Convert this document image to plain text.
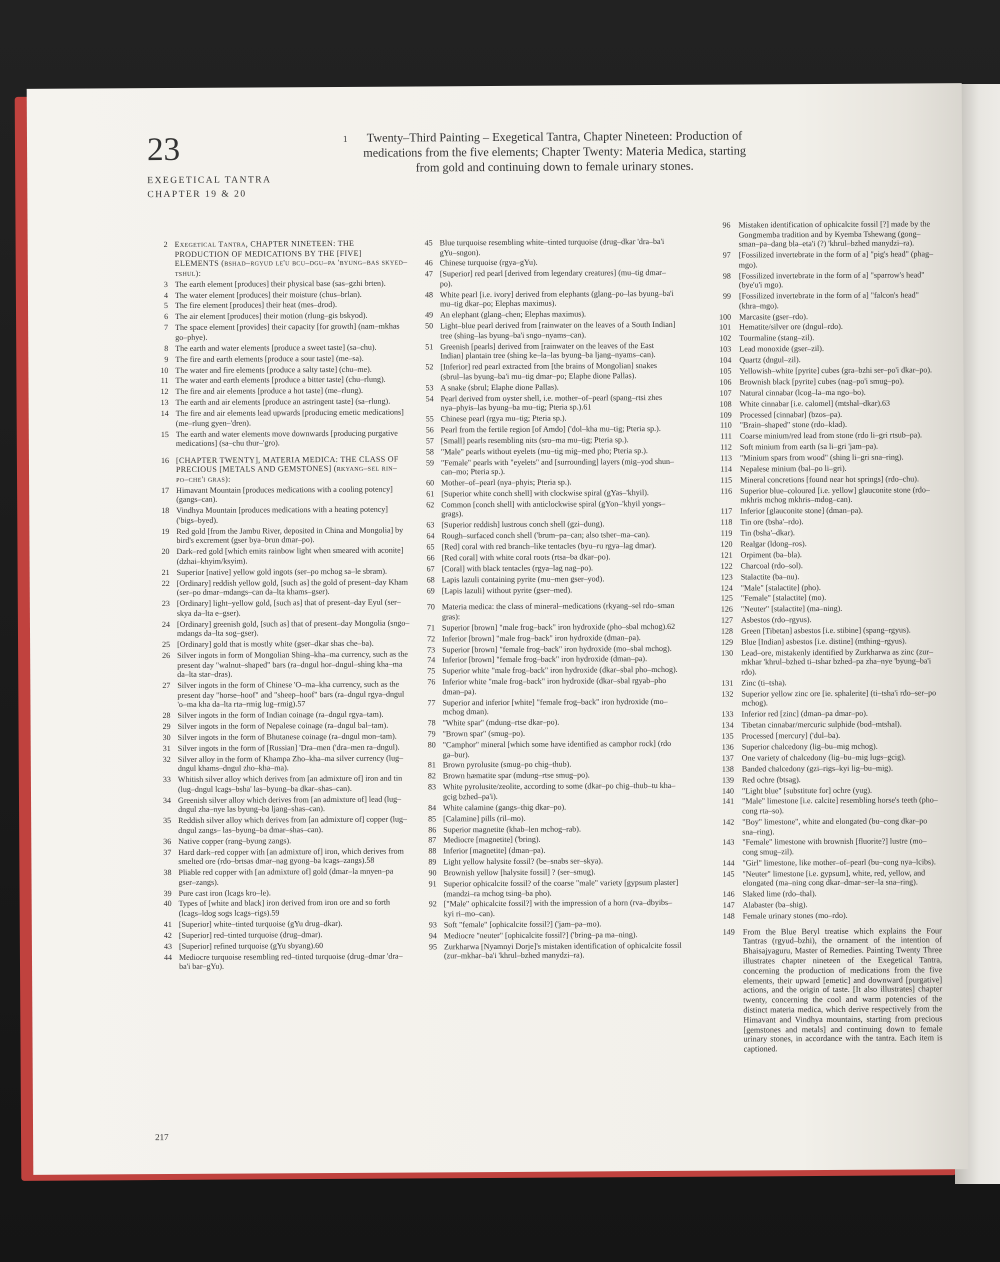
23
EXEGETICAL TANTRA
CHAPTER 19 & 20
1 Twenty–Third Painting – Exegetical Tantra, Chapter Nineteen: Production of medications from the five elements; Chapter Twenty: Materia Medica, starting from gold and continuing down to female urinary stones.
2 Exegetical Tantra, CHAPTER NINETEEN: THE PRODUCTION OF MEDICATIONS BY THE [FIVE] ELEMENTS (bshad–rgyud le'u bcu–dgu–pa 'byung–bas skyed–tshul):
3 The earth element [produces] their physical base (sas–gzhi brten).
4 The water element [produces] their moisture (chus–brlan).
5 The fire element [produces] their heat (mes–drod).
6 The air element [produces] their motion (rlung–gis bskyod).
7 The space element [provides] their capacity [for growth] (nam–mkhas go–phye).
8 The earth and water elements [produce a sweet taste] (sa–chu).
9 The fire and earth elements [produce a sour taste] (me–sa).
10 The water and fire elements [produce a salty taste] (chu–me).
11 The water and earth elements [produce a bitter taste] (chu–rlung).
12 The fire and air elements [produce a hot taste] (me–rlung).
13 The earth and air elements [produce an astringent taste] (sa–rlung).
14 The fire and air elements lead upwards [producing emetic medications] (me–rlung gyen–'dren).
15 The earth and water elements move downwards [producing purgative medications] (sa–chu thur–'gro).
16 [CHAPTER TWENTY], MATERIA MEDICA: THE CLASS OF PRECIOUS [METALS AND GEMSTONES] (rkyang–sel rin–po–che'i gras):
17 Himavant Mountain [produces medications with a cooling potency] (gangs–can).
18 Vindhya Mountain [produces medications with a heating potency] ('bigs–byed).
19 Red gold [from the Jambu River, deposited in China and Mongolia] by bird's excrement (gser bya–brun dmar–po).
20 Dark–red gold [which emits rainbow light when smeared with aconite] (dzhai–khyim/ksyim).
21 Superior [native] yellow gold ingots (ser–po mchog sa–le sbram).
22 [Ordinary] reddish yellow gold, [such as] the gold of present–day Kham (ser–po dmar–mdangs–can da–lta khams–gser).
23 [Ordinary] light–yellow gold, [such as] that of present–day Eyul (ser–skya da–lta e–gser).
24 [Ordinary] greenish gold, [such as] that of present–day Mongolia (sngo–mdangs da–lta sog–gser).
25 [Ordinary] gold that is mostly white (gser–dkar shas che–ba).
26 Silver ingots in form of Mongolian Shing–kha–ma currency, such as the present day "walnut–shaped" bars (ra–dngul hor–dngul–shing kha–ma da–lta star–dras).
27 Silver ingots in the form of Chinese 'O–ma–kha currency, such as the present day "horse–hoof" and "sheep–hoof" bars (ra–dngul rgya–dngul 'o–ma kha da–lta rta–rmig lug–rmig).57
28 Silver ingots in the form of Indian coinage (ra–dngul rgya–tam).
29 Silver ingots in the form of Nepalese coinage (ra–dngul bal–tam).
30 Silver ingots in the form of Bhutanese coinage (ra–dngul mon–tam).
31 Silver ingots in the form of [Russian] 'Dra–men ('dra–men ra–dngul).
32 Silver alloy in the form of Khampa Zho–kha–ma silver currency (lug–dngul khams–dngul zho–kha–ma).
33 Whitish silver alloy which derives from [an admixture of] iron and tin (lug–dngul lcags–bsha' las–byung–ba dkar–shas–can).
34 Greenish silver alloy which derives from [an admixture of] lead (lug–dngul zha–nye las byung–ba ljang–shas–can).
35 Reddish silver alloy which derives from [an admixture of] copper (lug–dngul zangs– las–byung–ba dmar–shas–can).
36 Native copper (rang–byung zangs).
37 Hard dark–red copper with [an admixture of] iron, which derives from smelted ore (rdo–brtsas dmar–nag gyong–ba lcags–zangs).58
38 Pliable red copper with [an admixture of] gold (dmar–la mnyen–pa gser–zangs).
39 Pure cast iron (lcags kro–le).
40 Types of [white and black] iron derived from iron ore and so forth (lcags–ldog sogs lcags–rigs).59
41 [Superior] white–tinted turquoise (gYu drug–dkar).
42 [Superior] red–tinted turquoise (drug–dmar).
43 [Superior] refined turquoise (gYu sbyang).60
44 Mediocre turquoise resembling red–tinted turquoise (drug–dmar 'dra–ba'i bar–gYu).
45 Blue turquoise resembling white–tinted turquoise (drug–dkar 'dra–ba'i gYu–sngon).
46 Chinese turquoise (rgya–gYu).
47 [Superior] red pearl [derived from legendary creatures] (mu–tig dmar–po).
48 White pearl [i.e. ivory] derived from elephants (glang–po–las byung–ba'i mu–tig dkar–po; Elephas maximus).
49 An elephant (glang–chen; Elephas maximus).
50 Light–blue pearl derived from [rainwater on the leaves of a South Indian] tree (shing–las byung–ba'i sngo–nyams–can).
51 Greenish [pearls] derived from [rainwater on the leaves of the East Indian] plantain tree (shing ke–la–las byung–ba ljang–nyams–can).
52 [Inferior] red pearl extracted from [the brains of Mongolian] snakes (sbrul–las byung–ba'i mu–tig dmar–po; Elaphe dione Pallas).
53 A snake (sbrul; Elaphe dione Pallas).
54 Pearl derived from oyster shell, i.e. mother–of–pearl (spang–rtsi zhes nya–phyis–las byung–ba mu–tig; Pteria sp.).61
55 Chinese pearl (rgya mu–tig; Pteria sp.).
56 Pearl from the fertile region [of Amdo] ('dol–kha mu–tig; Pteria sp.).
57 [Small] pearls resembling nits (sro–ma mu–tig; Pteria sp.).
58 "Male" pearls without eyelets (mu–tig mig–med pho; Pteria sp.).
59 "Female" pearls with "eyelets" and [surrounding] layers (mig–yod shun–can–mo; Pteria sp.).
60 Mother–of–pearl (nya–phyis; Pteria sp.).
61 [Superior white conch shell] with clockwise spiral (gYas–'khyil).
62 Common [conch shell] with anticlockwise spiral (gYon–'khyil yongs–grags).
63 [Superior reddish] lustrous conch shell (gzi–dung).
64 Rough–surfaced conch shell ('brum–pa–can; also tsher–ma–can).
65 [Red] coral with red branch–like tentacles (byu–ru rgya–lag dmar).
66 [Red coral] with white coral roots (rtsa–ba dkar–po).
67 [Coral] with black tentacles (rgya–lag nag–po).
68 Lapis lazuli containing pyrite (mu–men gser–yod).
69 [Lapis lazuli] without pyrite (gser–med).
70 Materia medica: the class of mineral–medications (rkyang–sel rdo–sman gras):
71 Superior [brown] "male frog–back" iron hydroxide (pho–sbal mchog).62
72 Inferior [brown] "male frog–back" iron hydroxide (dman–pa).
73 Superior [brown] "female frog–back" iron hydroxide (mo–sbal mchog).
74 Inferior [brown] "female frog–back" iron hydroxide (dman–pa).
75 Superior white "male frog–back" iron hydroxide (dkar–sbal pho–mchog).
76 Inferior white "male frog–back" iron hydroxide (dkar–sbal rgyab–pho dman–pa).
77 Superior and inferior [white] "female frog–back" iron hydroxide (mo–mchog dman).
78 "White spar" (mdung–rtse dkar–po).
79 "Brown spar" (smug–po).
80 "Camphor" mineral [which some have identified as camphor rock] (rdo ga–bur).
81 Brown pyrolusite (smug–po chig–thub).
82 Brown hæmatite spar (mdung–rtse smug–po).
83 White pyrolusite/zeolite, according to some (dkar–po chig–thub–tu kha–gcig bzhed–pa'i).
84 White calamine (gangs–thig dkar–po).
85 [Calamine] pills (ril–mo).
86 Superior magnetite (khab–len mchog–rab).
87 Mediocre [magnetite] ('bring).
88 Inferior [magnetite] (dman–pa).
89 Light yellow halysite fossil? (be–snabs ser–skya).
90 Brownish yellow [halysite fossil] ? (ser–smug).
91 Superior ophicalcite fossil? of the coarse "male" variety [gypsum plaster] (mandzi–ra mchog tsing–ba pho).
92 ["Male" ophicalcite fossil?] with the impression of a horn (rva–dbyibs–kyi ri–mo–can).
93 Soft "female" [ophicalcite fossil?] ('jam–pa–mo).
94 Mediocre "neuter" [ophicalcite fossil?] ('bring–pa ma–ning).
95 Zurkharwa [Nyamnyi Dorje]'s mistaken identification of ophicalcite fossil (zur–mkhar–ba'i 'khrul–bzhed manydzi–ra).
96 Mistaken identification of ophicalcite fossil [?] made by the Gongmemba tradition and by Kyemba Tshewang (gong–sman–pa–dang bla–eta'i (?) 'khrul–bzhed manydzi–ra).
97 [Fossilized invertebrate in the form of a] "pig's head" (phag–mgo).
98 [Fossilized invertebrate in the form of a] "sparrow's head" (bye'u'i mgo).
99 [Fossilized invertebrate in the form of a] "falcon's head" (khra–mgo).
100 Marcasite (gser–rdo).
101 Hematite/silver ore (dngul–rdo).
102 Tourmaline (stang–zil).
103 Lead monoxide (gser–zil).
104 Quartz (dngul–zil).
105 Yellowish–white [pyrite] cubes (gra–bzhi ser–po'i dkar–po).
106 Brownish black [pyrite] cubes (nag–po'i smug–po).
107 Natural cinnabar (lcog–la–ma ngo–bo).
108 White cinnabar [i.e. calomel] (mtshal–dkar).63
109 Processed [cinnabar] (bzos–pa).
110 "Brain–shaped" stone (rdo–klad).
111 Coarse minium/red lead from stone (rdo li–gri rtsub–pa).
112 Soft minium from earth (sa li–gri 'jam–pa).
113 "Minium spars from wood" (shing li–gri sna–ring).
114 Nepalese minium (bal–po li–gri).
115 Mineral concretions [found near hot springs] (rdo–chu).
116 Superior blue–coloured [i.e. yellow] glauconite stone (rdo–mkhris mchog mkhris–mdog–can).
117 Inferior [glauconite stone] (dman–pa).
118 Tin ore (bsha'–rdo).
119 Tin (bsha'–dkar).
120 Realgar (ldong–ros).
121 Orpiment (ba–bla).
122 Charcoal (rdo–sol).
123 Stalactite (ba–nu).
124 "Male" [stalactite] (pho).
125 "Female" [stalactite] (mo).
126 "Neuter" [stalactite] (ma–ning).
127 Asbestos (rdo–rgyus).
128 Green [Tibetan] asbestos [i.e. stibine] (spang–rgyus).
129 Blue [Indian] asbestos [i.e. distine] (mthing–rgyus).
130 Lead–ore, mistakenly identified by Zurkharwa as zinc (zur–mkhar 'khrul–bzhed ti–tshar bzhed–pa zha–nye 'byung–ba'i rdo).
131 Zinc (ti–tsha).
132 Superior yellow zinc ore [ie. sphalerite] (ti–tsha'i rdo–ser–po mchog).
133 Inferior red [zinc] (dman–pa dmar–po).
134 Tibetan cinnabar/mercuric sulphide (bod–mtshal).
135 Processed [mercury] ('dul–ba).
136 Superior chalcedony (lig–bu–mig mchog).
137 One variety of chalcedony (lig–bu–mig lugs–gcig).
138 Banded chalcedony (gzi–rigs–kyi lig–bu–mig).
139 Red ochre (btsag).
140 "Light blue" [substitute for] ochre (yug).
141 "Male" limestone [i.e. calcite] resembling horse's teeth (pho–cong rta–so).
142 "Boy" limestone", white and elongated (bu–cong dkar–po sna–ring).
143 "Female" limestone with brownish [fluorite?] lustre (mo–cong smug–zil).
144 "Girl" limestone, like mother–of–pearl (bu–cong nya–lcibs).
145 "Neuter" limestone [i.e. gypsum], white, red, yellow, and elongated (ma–ning cong dkar–dmar–ser–la sna–ring).
146 Slaked lime (rdo–thal).
147 Alabaster (ba–shig).
148 Female urinary stones (mo–rdo).
149 From the Blue Beryl treatise which explains the Four Tantras (rgyud–bzhi), the ornament of the intention of Bhaisajyaguru, Master of Remedies. Painting Twenty Three illustrates chapter nineteen of the Exegetical Tantra, concerning the production of medications from the five elements, their upward [emetic] and downward [purgative] actions, and the origin of taste. [It also illustrates] chapter twenty, concerning the cool and warm potencies of the distinct materia medica, which derive respectively from the Himavant and Vindhya mountains, starting from precious [gemstones and metals] and continuing down to female urinary stones, in accordance with the tantra. Each item is captioned.
217
